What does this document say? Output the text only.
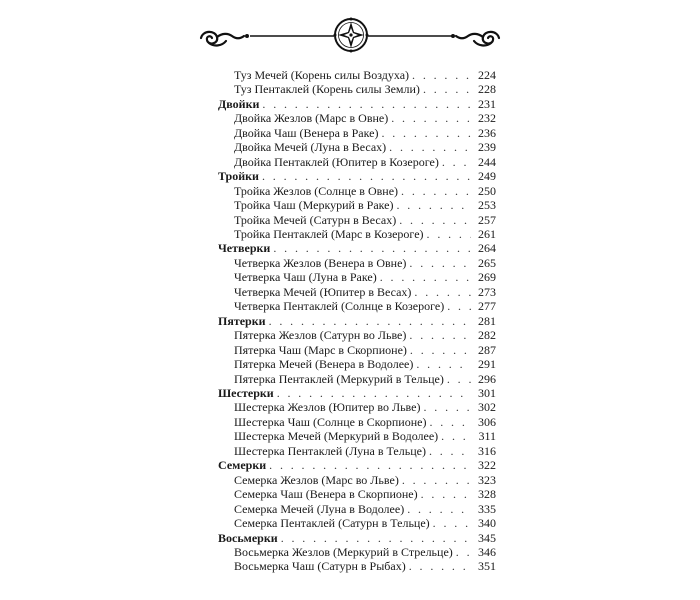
Туз Мечей (Корень силы Воздуха) . . .	224
Туз Пентаклей (Корень силы Земли) . . .	228
Двойки . . .	231
Двойка Жезлов (Марс в Овне) . . .	232
Двойка Чаш (Венера в Раке) . . .	236
Двойка Мечей (Луна в Весах) . . .	239
Двойка Пентаклей (Юпитер в Козероге) . . .	244
Тройки . . .	249
Тройка Жезлов (Солнце в Овне) . . .	250
Тройка Чаш (Меркурий в Раке) . . .	253
Тройка Мечей (Сатурн в Весах) . . .	257
Тройка Пентаклей (Марс в Козероге) . . .	261
Четверки . . .	264
Четверка Жезлов (Венера в Овне) . . .	265
Четверка Чаш (Луна в Раке) . . .	269
Четверка Мечей (Юпитер в Весах) . . .	273
Четверка Пентаклей (Солнце в Козероге) . . .	277
Пятерки . . .	281
Пятерка Жезлов (Сатурн во Льве) . . .	282
Пятерка Чаш (Марс в Скорпионе) . . .	287
Пятерка Мечей (Венера в Водолее) . . .	291
Пятерка Пентаклей (Меркурий в Тельце) . . .	296
Шестерки . . .	301
Шестерка Жезлов (Юпитер во Льве) . . .	302
Шестерка Чаш (Солнце в Скорпионе) . . .	306
Шестерка Мечей (Меркурий в Водолее) . . .	311
Шестерка Пентаклей (Луна в Тельце) . . .	316
Семерки . . .	322
Семерка Жезлов (Марс во Льве) . . .	323
Семерка Чаш (Венера в Скорпионе) . . .	328
Семерка Мечей (Луна в Водолее) . . .	335
Семерка Пентаклей (Сатурн в Тельце) . . .	340
Восьмерки . . .	345
Восьмерка Жезлов (Меркурий в Стрельце) . . .	346
Восьмерка Чаш (Сатурн в Рыбах) . . .	351
